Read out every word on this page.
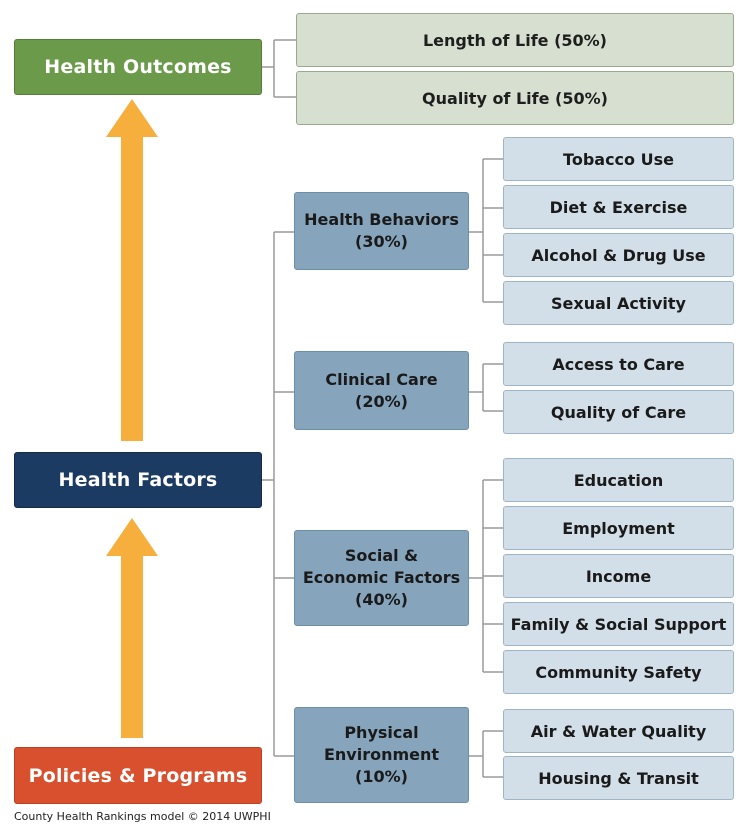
Health Outcomes
Health Factors
Policies & Programs
Length of Life (50%)
Quality of Life (50%)
Health Behaviors
(30%)
Clinical Care
(20%)
Social &
Economic Factors
(40%)
Physical
Environment
(10%)
Tobacco Use
Diet & Exercise
Alcohol & Drug Use
Sexual Activity
Access to Care
Quality of Care
Education
Employment
Income
Family & Social Support
Community Safety
Air & Water Quality
Housing & Transit
County Health Rankings model © 2014 UWPHI
